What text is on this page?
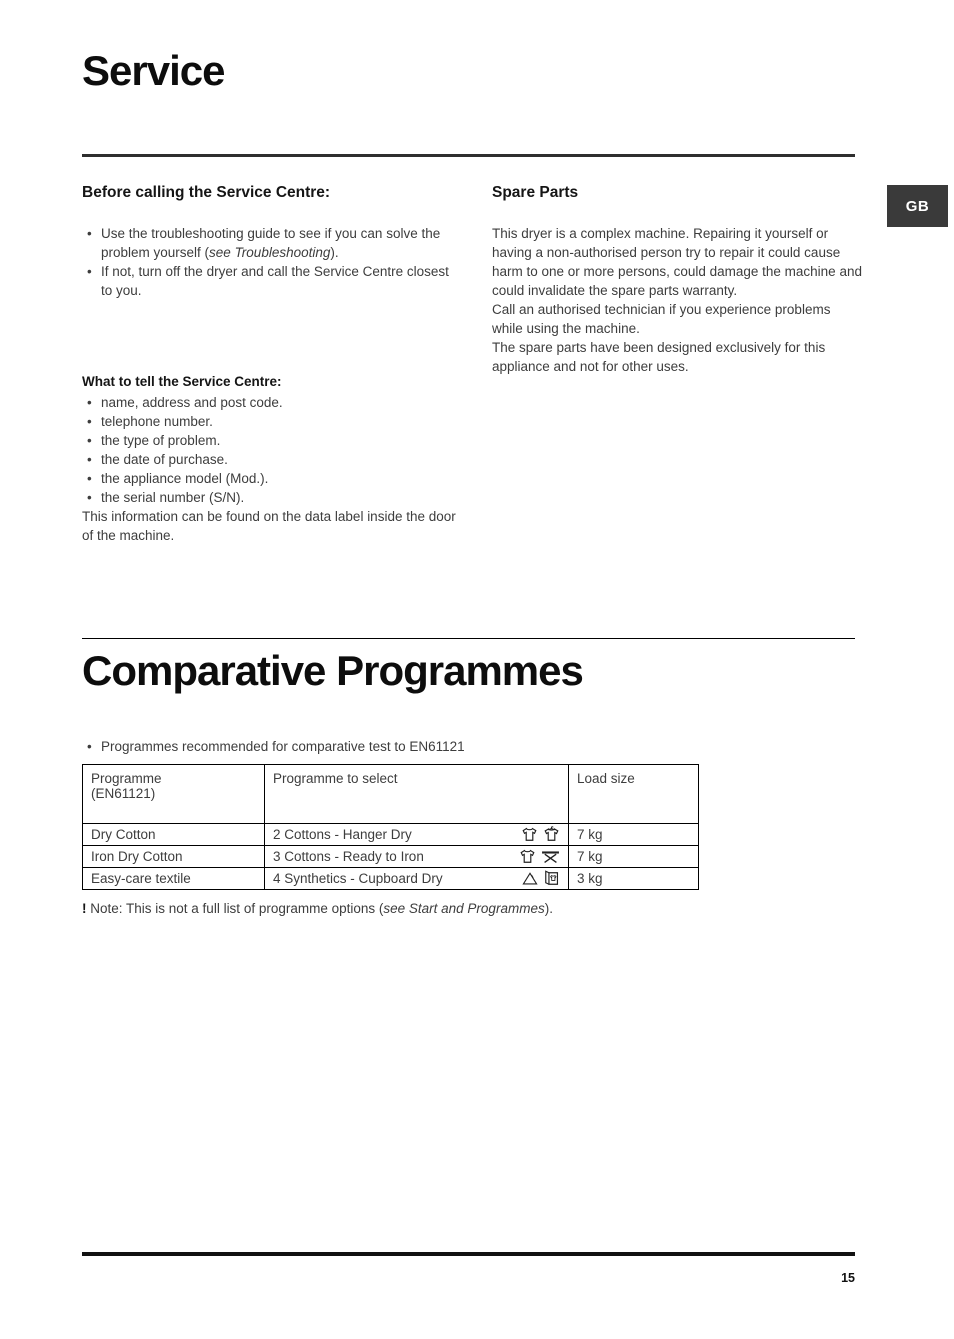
Service
GB
Before calling the Service Centre:
• Use the troubleshooting guide to see if you can solve the problem yourself (see Troubleshooting).
• If not, turn off the dryer and call the Service Centre closest to you.
What to tell the Service Centre:
• name, address and post code.
• telephone number.
• the type of problem.
• the date of purchase.
• the appliance model (Mod.).
• the serial number (S/N).

This information can be found on the data label inside the door of the machine.

Spare Parts

This dryer is a complex machine. Repairing it yourself or having a non-authorised person try to repair it could cause harm to one or more persons, could damage the machine and could invalidate the spare parts warranty.

Call an authorised technician if you experience problems while using the machine.

The spare parts have been designed exclusively for this appliance and not for other uses.

Comparative Programmes
• Programmes recommended for comparative test to EN61121
Programme
(EN61121)	Programme to select	Load size
Dry Cotton	2 Cottons - Hanger Dry	7 kg
Iron Dry Cotton	3 Cottons - Ready to Iron	7 kg
Easy-care textile	4 Synthetics - Cupboard Dry	3 kg
! Note: This is not a full list of programme options (see Start and Programmes).
15
